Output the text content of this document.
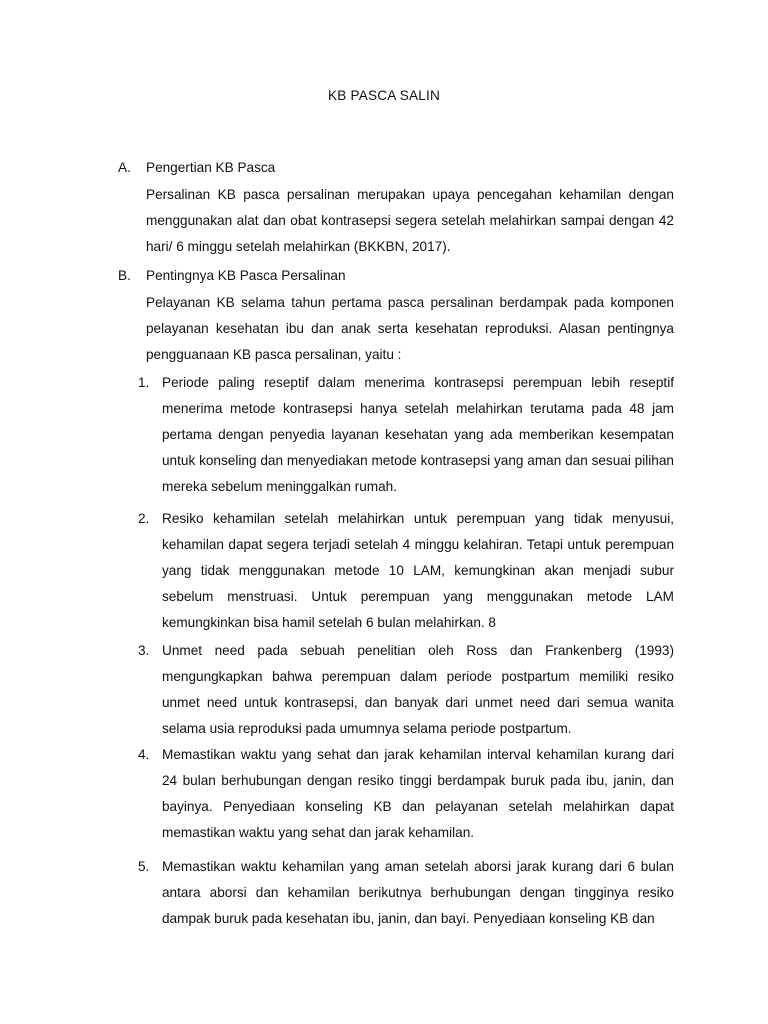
KB PASCA SALIN
A. Pengertian KB Pasca
Persalinan KB pasca persalinan merupakan upaya pencegahan kehamilan dengan menggunakan alat dan obat kontrasepsi segera setelah melahirkan sampai dengan 42 hari/ 6 minggu setelah melahirkan (BKKBN, 2017).
B. Pentingnya KB Pasca Persalinan
Pelayanan KB selama tahun pertama pasca persalinan berdampak pada komponen pelayanan kesehatan ibu dan anak serta kesehatan reproduksi. Alasan pentingnya pengguanaan KB pasca persalinan, yaitu :
1. Periode paling reseptif dalam menerima kontrasepsi perempuan lebih reseptif menerima metode kontrasepsi hanya setelah melahirkan terutama pada 48 jam pertama dengan penyedia layanan kesehatan yang ada memberikan kesempatan untuk konseling dan menyediakan metode kontrasepsi yang aman dan sesuai pilihan mereka sebelum meninggalkan rumah.
2. Resiko kehamilan setelah melahirkan untuk perempuan yang tidak menyusui, kehamilan dapat segera terjadi setelah 4 minggu kelahiran. Tetapi untuk perempuan yang tidak menggunakan metode 10 LAM, kemungkinan akan menjadi subur sebelum menstruasi. Untuk perempuan yang menggunakan metode LAM kemungkinkan bisa hamil setelah 6 bulan melahirkan. 8
3. Unmet need pada sebuah penelitian oleh Ross dan Frankenberg (1993) mengungkapkan bahwa perempuan dalam periode postpartum memiliki resiko unmet need untuk kontrasepsi, dan banyak dari unmet need dari semua wanita selama usia reproduksi pada umumnya selama periode postpartum.
4. Memastikan waktu yang sehat dan jarak kehamilan interval kehamilan kurang dari 24 bulan berhubungan dengan resiko tinggi berdampak buruk pada ibu, janin, dan bayinya. Penyediaan konseling KB dan pelayanan setelah melahirkan dapat memastikan waktu yang sehat dan jarak kehamilan.
5. Memastikan waktu kehamilan yang aman setelah aborsi jarak kurang dari 6 bulan antara aborsi dan kehamilan berikutnya berhubungan dengan tingginya resiko dampak buruk pada kesehatan ibu, janin, dan bayi. Penyediaan konseling KB dan
